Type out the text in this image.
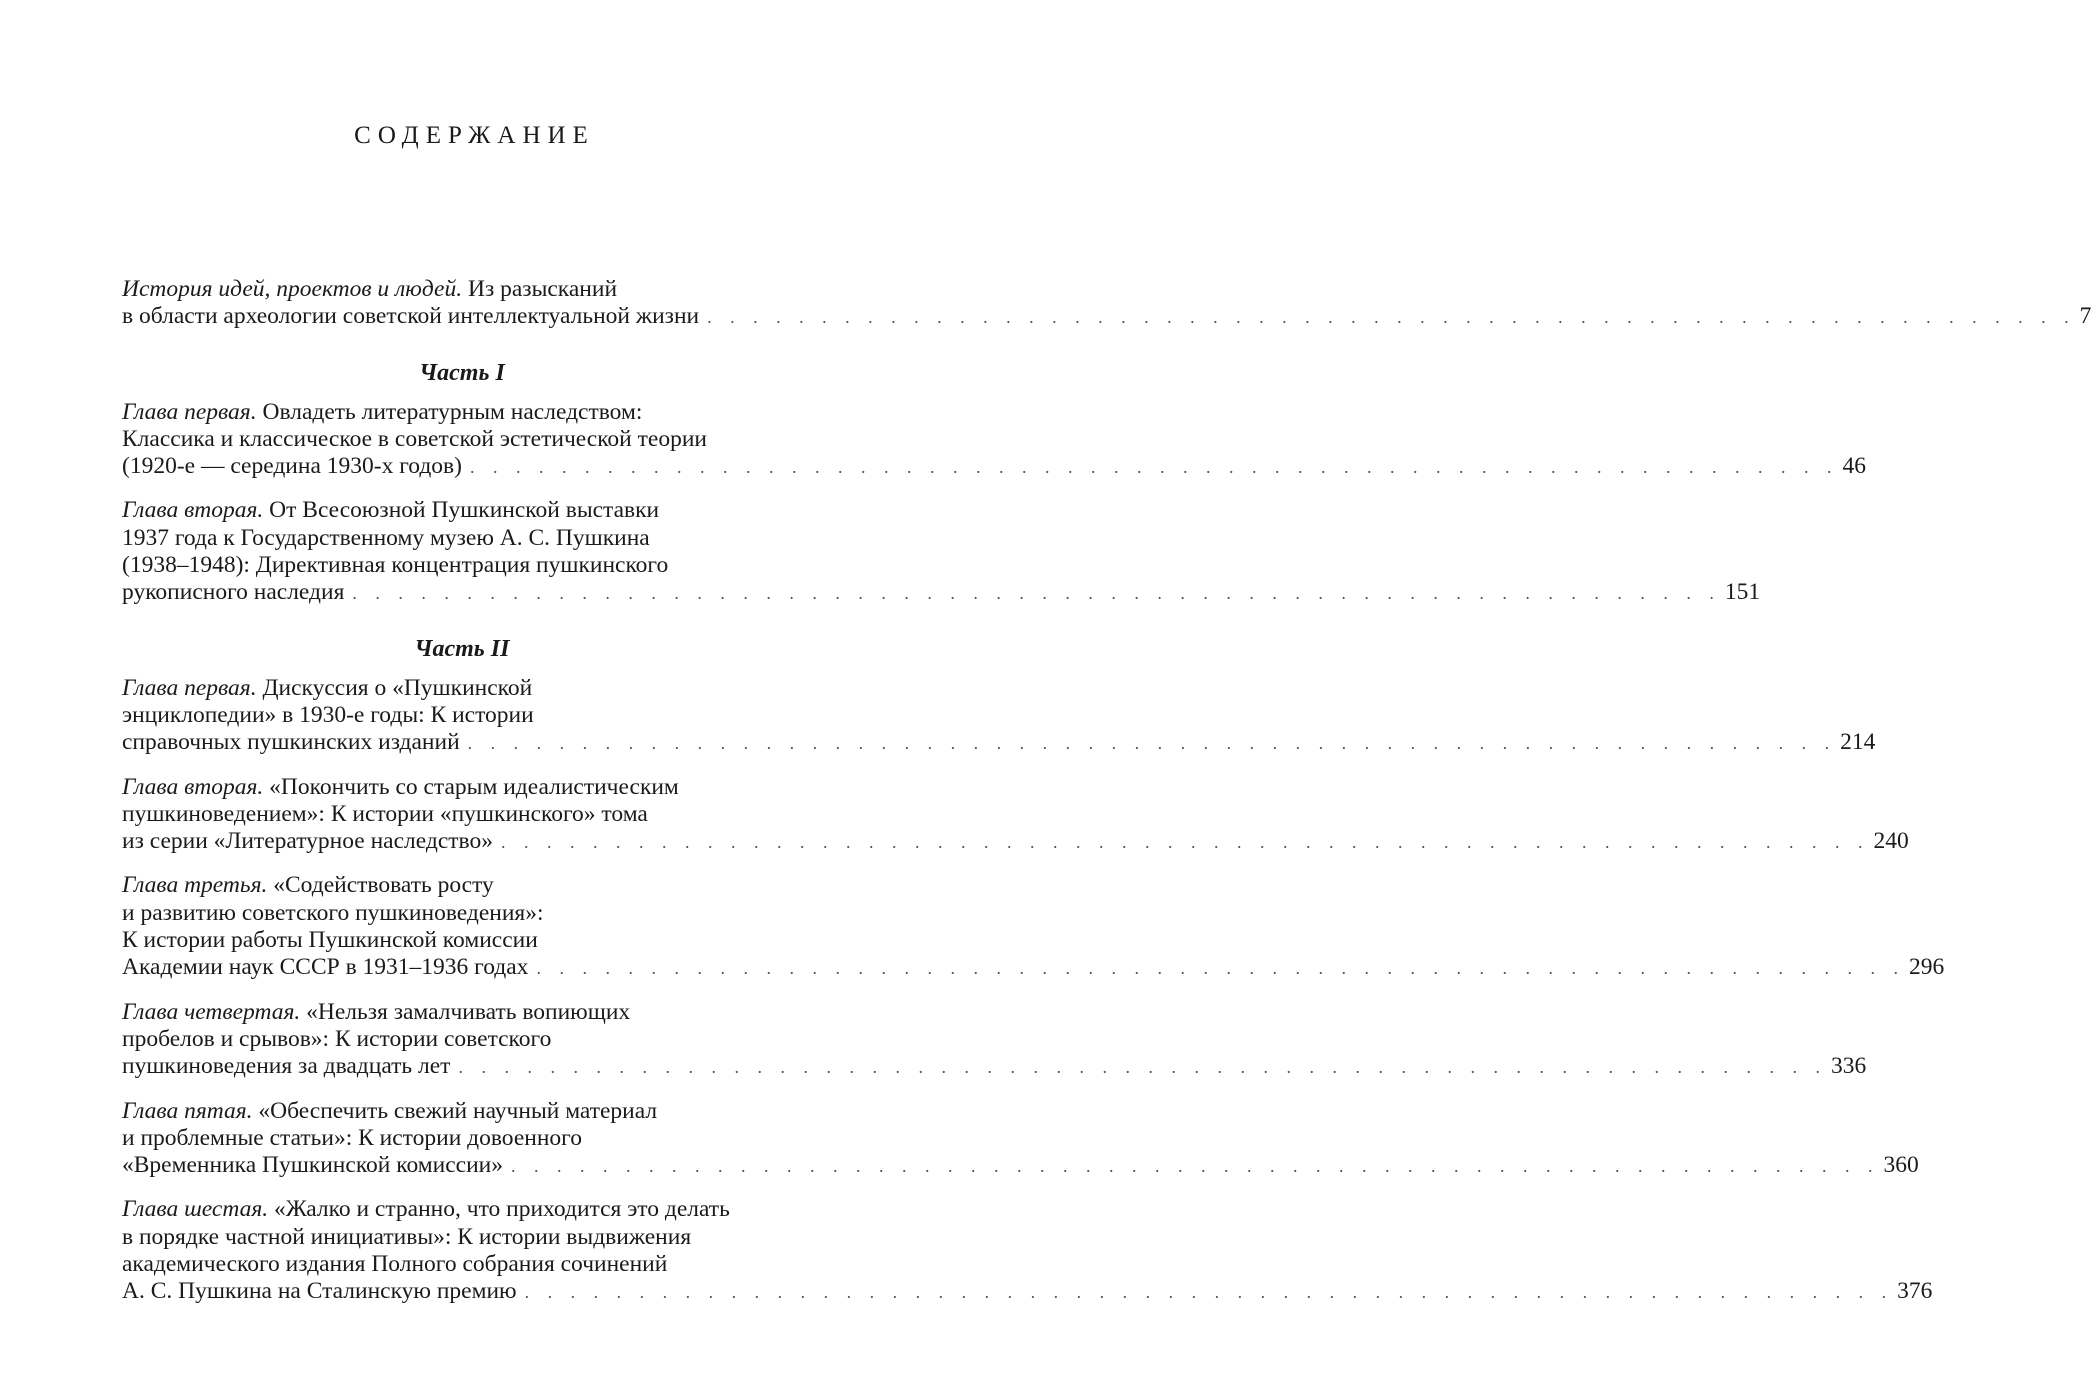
СОДЕРЖАНИЕ
История идей, проектов и людей. Из разысканий
в области археологии советской интеллектуальной жизни . . . . . . . . . . . . . . . . . . . . . . . . . . . . . . . . . . . . . . . . . . . . . . . . . . . . . . . . . . . . 7
Часть I
Глава первая. Овладеть литературным наследством:
Классика и классическое в советской эстетической теории
(1920-е — середина 1930-х годов) . . . . . . . . . . . . . . . . . . . . . . . . . . . . . . . . . . . . . . . . . . . . . . . . . . . . . . . . . . . . 46
Глава вторая. От Всесоюзной Пушкинской выставки
1937 года к Государственному музею А. С. Пушкина
(1938–1948): Директивная концентрация пушкинского
рукописного наследия . . . . . . . . . . . . . . . . . . . . . . . . . . . . . . . . . . . . . . . . . . . . . . . . . . . . . . . . . . . . 151
Часть II
Глава первая. Дискуссия о «Пушкинской
энциклопедии» в 1930-е годы: К истории
справочных пушкинских изданий . . . . . . . . . . . . . . . . . . . . . . . . . . . . . . . . . . . . . . . . . . . . . . . . . . . . . . . . . . . . 214
Глава вторая. «Покончить со старым идеалистическим
пушкиноведением»: К истории «пушкинского» тома
из серии «Литературное наследство» . . . . . . . . . . . . . . . . . . . . . . . . . . . . . . . . . . . . . . . . . . . . . . . . . . . . . . . . . . . . 240
Глава третья. «Содействовать росту
и развитию советского пушкиноведения»:
К истории работы Пушкинской комиссии
Академии наук СССР в 1931–1936 годах . . . . . . . . . . . . . . . . . . . . . . . . . . . . . . . . . . . . . . . . . . . . . . . . . . . . . . . . . . . . 296
Глава четвертая. «Нельзя замалчивать вопиющих
пробелов и срывов»: К истории советского
пушкиноведения за двадцать лет . . . . . . . . . . . . . . . . . . . . . . . . . . . . . . . . . . . . . . . . . . . . . . . . . . . . . . . . . . . . 336
Глава пятая. «Обеспечить свежий научный материал
и проблемные статьи»: К истории довоенного
«Временника Пушкинской комиссии» . . . . . . . . . . . . . . . . . . . . . . . . . . . . . . . . . . . . . . . . . . . . . . . . . . . . . . . . . . . . 360
Глава шестая. «Жалко и странно, что приходится это делать
в порядке частной инициативы»: К истории выдвижения
академического издания Полного собрания сочинений
А. С. Пушкина на Сталинскую премию . . . . . . . . . . . . . . . . . . . . . . . . . . . . . . . . . . . . . . . . . . . . . . . . . . . . . . . . . . . . 376
